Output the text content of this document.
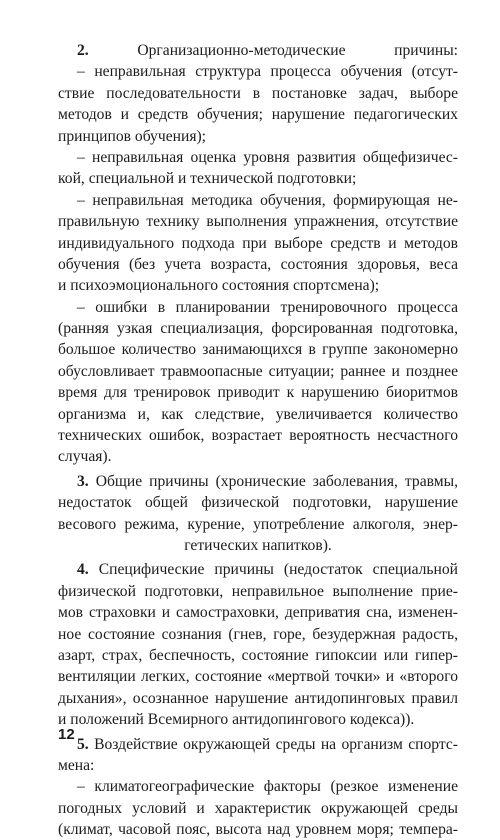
2.	Организационно-методические причины:
– неправильная структура процесса обучения (отсут-
ствие последовательности в постановке задач, выборе
методов и средств обучения; нарушение педагогических
принципов обучения);
– неправильная оценка уровня развития общефизичес-
кой, специальной и технической подготовки;
– неправильная методика обучения, формирующая не-
правильную технику выполнения упражнения, отсутствие
индивидуального подхода при выборе средств и методов
обучения (без учета возраста, состояния здоровья, веса
и психоэмоционального состояния спортсмена);
– ошибки в планировании тренировочного процесса
(ранняя узкая специализация, форсированная подготовка,
большое количество занимающихся в группе закономерно
обусловливает травмоопасные ситуации; раннее и позднее
время для тренировок приводит к нарушению биоритмов
организма и, как следствие, увеличивается количество
технических ошибок, возрастает вероятность несчастного
случая).
3. Общие причины (хронические заболевания, травмы,
недостаток общей физической подготовки, нарушение
весового режима, курение, употребление алкоголя, энер-
гетических напитков).
4. Специфические причины (недостаток специальной
физической подготовки, неправильное выполнение прие-
мов страховки и самостраховки, деприватия сна, изменен-
ное состояние сознания (гнев, горе, безудержная радость,
азарт, страх, беспечность, состояние гипоксии или гипер-
вентиляции легких, состояние «мертвой точки» и «второго
дыхания», осознанное нарушение антидопинговых правил
и положений Всемирного антидопингового кодекса)).
5. Воздействие окружающей среды на организм спортс-
мена:
– климатогеографические факторы (резкое изменение
погодных условий и характеристик окружающей среды
(климат, часовой пояс, высота над уровнем моря; темпера-
12
